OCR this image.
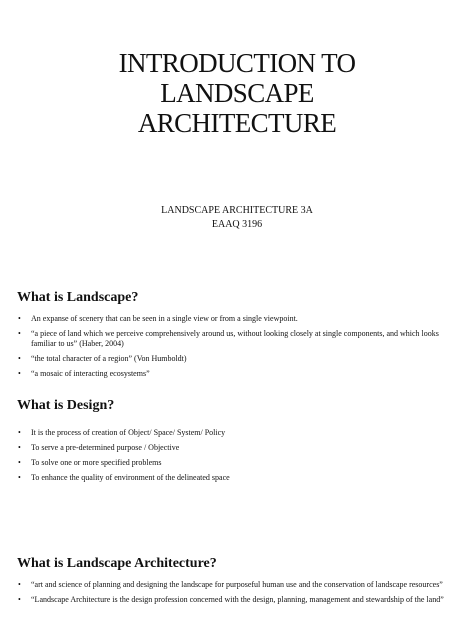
INTRODUCTION TO
LANDSCAPE
ARCHITECTURE
LANDSCAPE ARCHITECTURE 3A
EAAQ 3196
What is Landscape?
• An expanse of scenery that can be seen in a single view or from a single viewpoint.
• “a piece of land which we perceive comprehensively around us, without looking closely at single components, and which looks familiar to us” (Haber, 2004)
• “the total character of a region” (Von Humboldt)
• “a mosaic of interacting ecosystems”
What is Design?
• It is the process of creation of Object/ Space/ System/ Policy
• To serve a pre-determined purpose / Objective
• To solve one or more specified problems
• To enhance the quality of environment of the delineated space
What is Landscape Architecture?
• “art and science of planning and designing the landscape for purposeful human use and the conservation of landscape resources”
• “Landscape Architecture is the design profession concerned with the design, planning, management and stewardship of the land”
